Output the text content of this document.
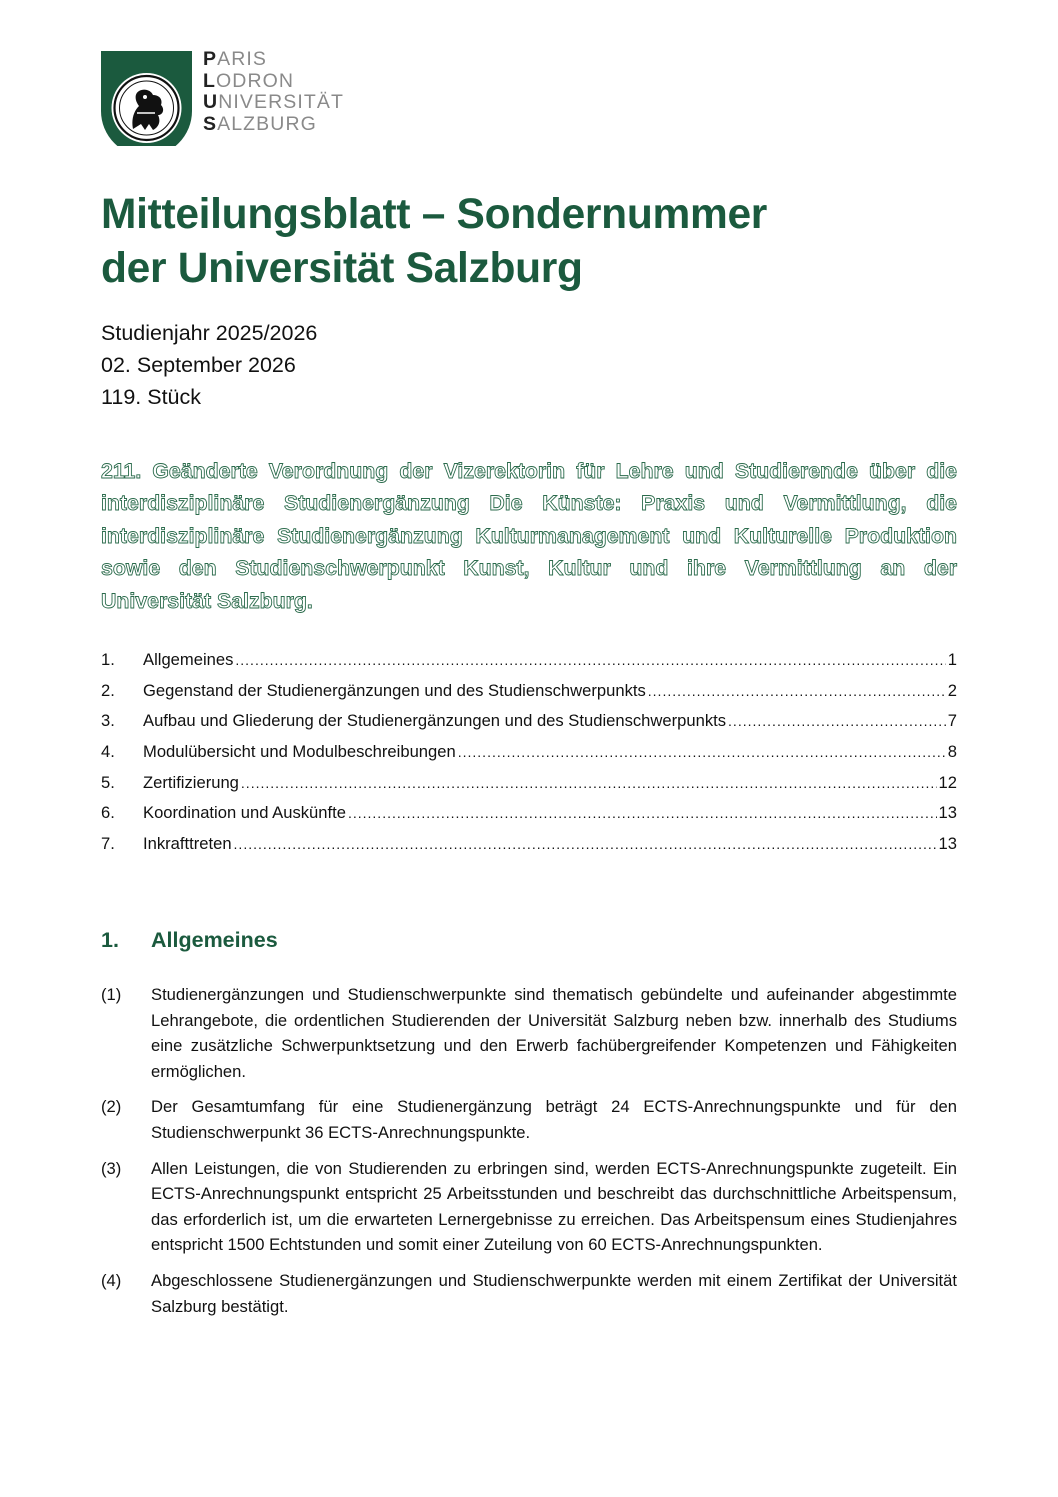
PARIS
LODRON
UNIVERSITÄT
SALZBURG
Mitteilungsblatt – Sondernummer
der Universität Salzburg
Studienjahr 2025/2026
02. September 2026
119. Stück

211. Geänderte Verordnung der Vizerektorin für Lehre und Studierende über die interdisziplinäre Studienergänzung Die Künste: Praxis und Vermittlung, die interdisziplinäre Studienergänzung Kulturmanagement und Kulturelle Produktion sowie den Studienschwerpunkt Kunst, Kultur und ihre Vermittlung an der Universität Salzburg.

1.	Allgemeines .....	1
2.	Gegenstand der Studienergänzungen und des Studienschwerpunkts .....	2
3.	Aufbau und Gliederung der Studienergänzungen und des Studienschwerpunkts .....	7
4.	Modulübersicht und Modulbeschreibungen .....	8
5.	Zertifizierung .....	12
6.	Koordination und Auskünfte .....	13
7.	Inkrafttreten .....	13
1. Allgemeines
(1)	Studienergänzungen und Studienschwerpunkte sind thematisch gebündelte und aufeinander abgestimmte Lehrangebote, die ordentlichen Studierenden der Universität Salzburg neben bzw. innerhalb des Studiums eine zusätzliche Schwerpunktsetzung und den Erwerb fachübergreifender Kompetenzen und Fähigkeiten ermöglichen.
(2)	Der Gesamtumfang für eine Studienergänzung beträgt 24 ECTS-Anrechnungspunkte und für den Studienschwerpunkt 36 ECTS-Anrechnungspunkte.
(3)	Allen Leistungen, die von Studierenden zu erbringen sind, werden ECTS-Anrechnungspunkte zugeteilt. Ein ECTS-Anrechnungspunkt entspricht 25 Arbeitsstunden und beschreibt das durchschnittliche Arbeitspensum, das erforderlich ist, um die erwarteten Lernergebnisse zu erreichen. Das Arbeitspensum eines Studienjahres entspricht 1500 Echtstunden und somit einer Zuteilung von 60 ECTS-Anrechnungspunkten.
(4)	Abgeschlossene Studienergänzungen und Studienschwerpunkte werden mit einem Zertifikat der Universität Salzburg bestätigt.
